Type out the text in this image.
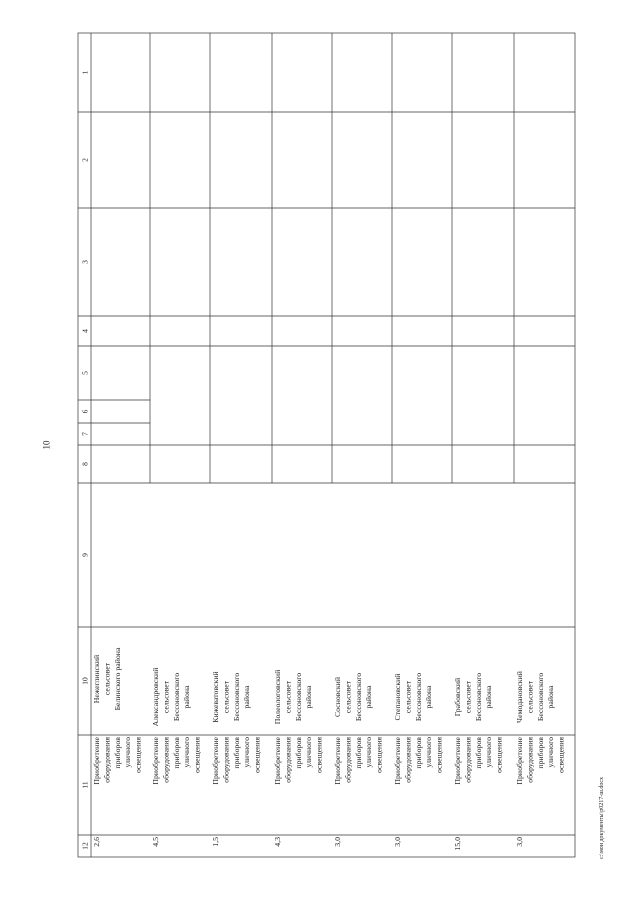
10
1
2
3
4
5
6
7
8
9
10
11
12
Нежеглинский сельсовет Белинского района
Приобретение оборудования приборов уличного освещения
2,6
Александровский сельсовет Бессоновского района
Приобретение оборудования приборов уличного освещения
4,5
Кижеватовский сельсовет Бессоновского района
Приобретение оборудования приборов уличного освещения
1,5
Полеологовский сельсовет Бессоновского района
Приобретение оборудования приборов уличного освещения
4,3
Сосновский сельсовет Бессоновского района
Приобретение оборудования приборов уличного освещения
3,0
Степановский сельсовет Бессоновского района
Приобретение оборудования приборов уличного освещения
3,0
Грабовский сельсовет Бессоновского района
Приобретение оборудования приборов уличного освещения
15,0
Чемодановский сельсовет Бессоновского района
Приобретение оборудования приборов уличного освещения
3,0	c:\мои документы\р0217-ш.docx
